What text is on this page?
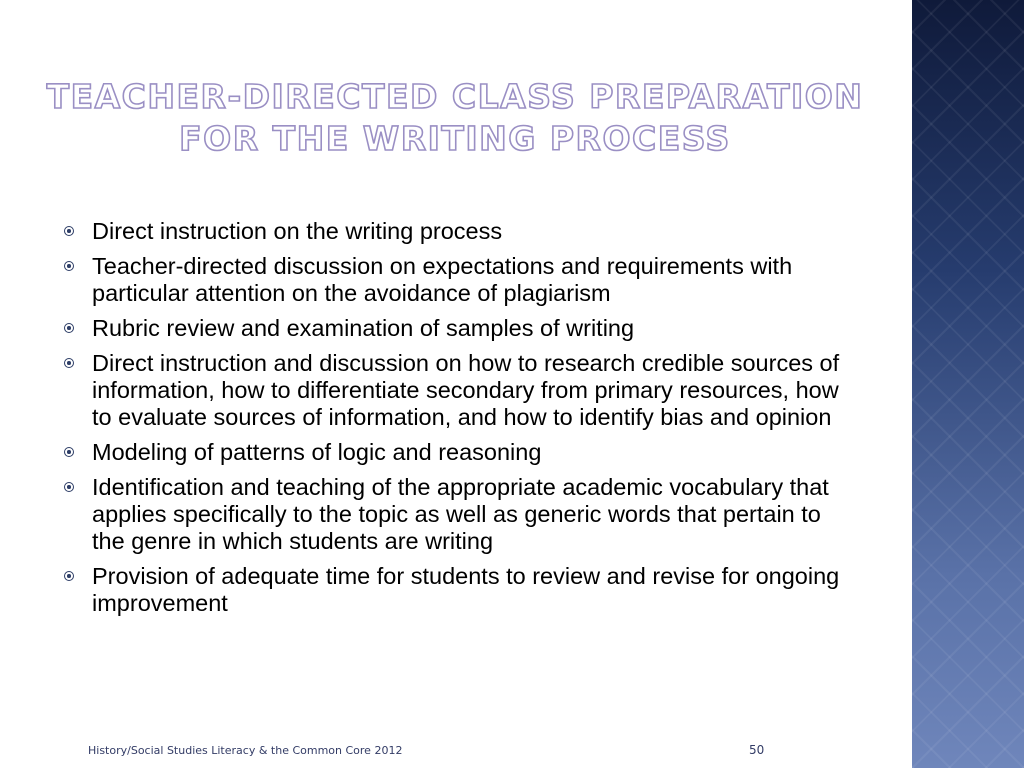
TEACHER-DIRECTED CLASS PREPARATION
FOR THE WRITING PROCESS
Direct instruction on the writing process
Teacher-directed discussion on expectations and requirements with particular attention on the avoidance of plagiarism
Rubric review and examination of samples of writing
Direct instruction and discussion on how to research credible sources of information, how to differentiate secondary from primary resources, how to evaluate sources of information, and how to identify bias and opinion
Modeling of patterns of logic and reasoning
Identification and teaching of the appropriate academic vocabulary that applies specifically to the topic as well as generic words that pertain to the genre in which students are writing
Provision of adequate time for students to review and revise for ongoing improvement
History/Social Studies Literacy & the Common Core 2012	50
